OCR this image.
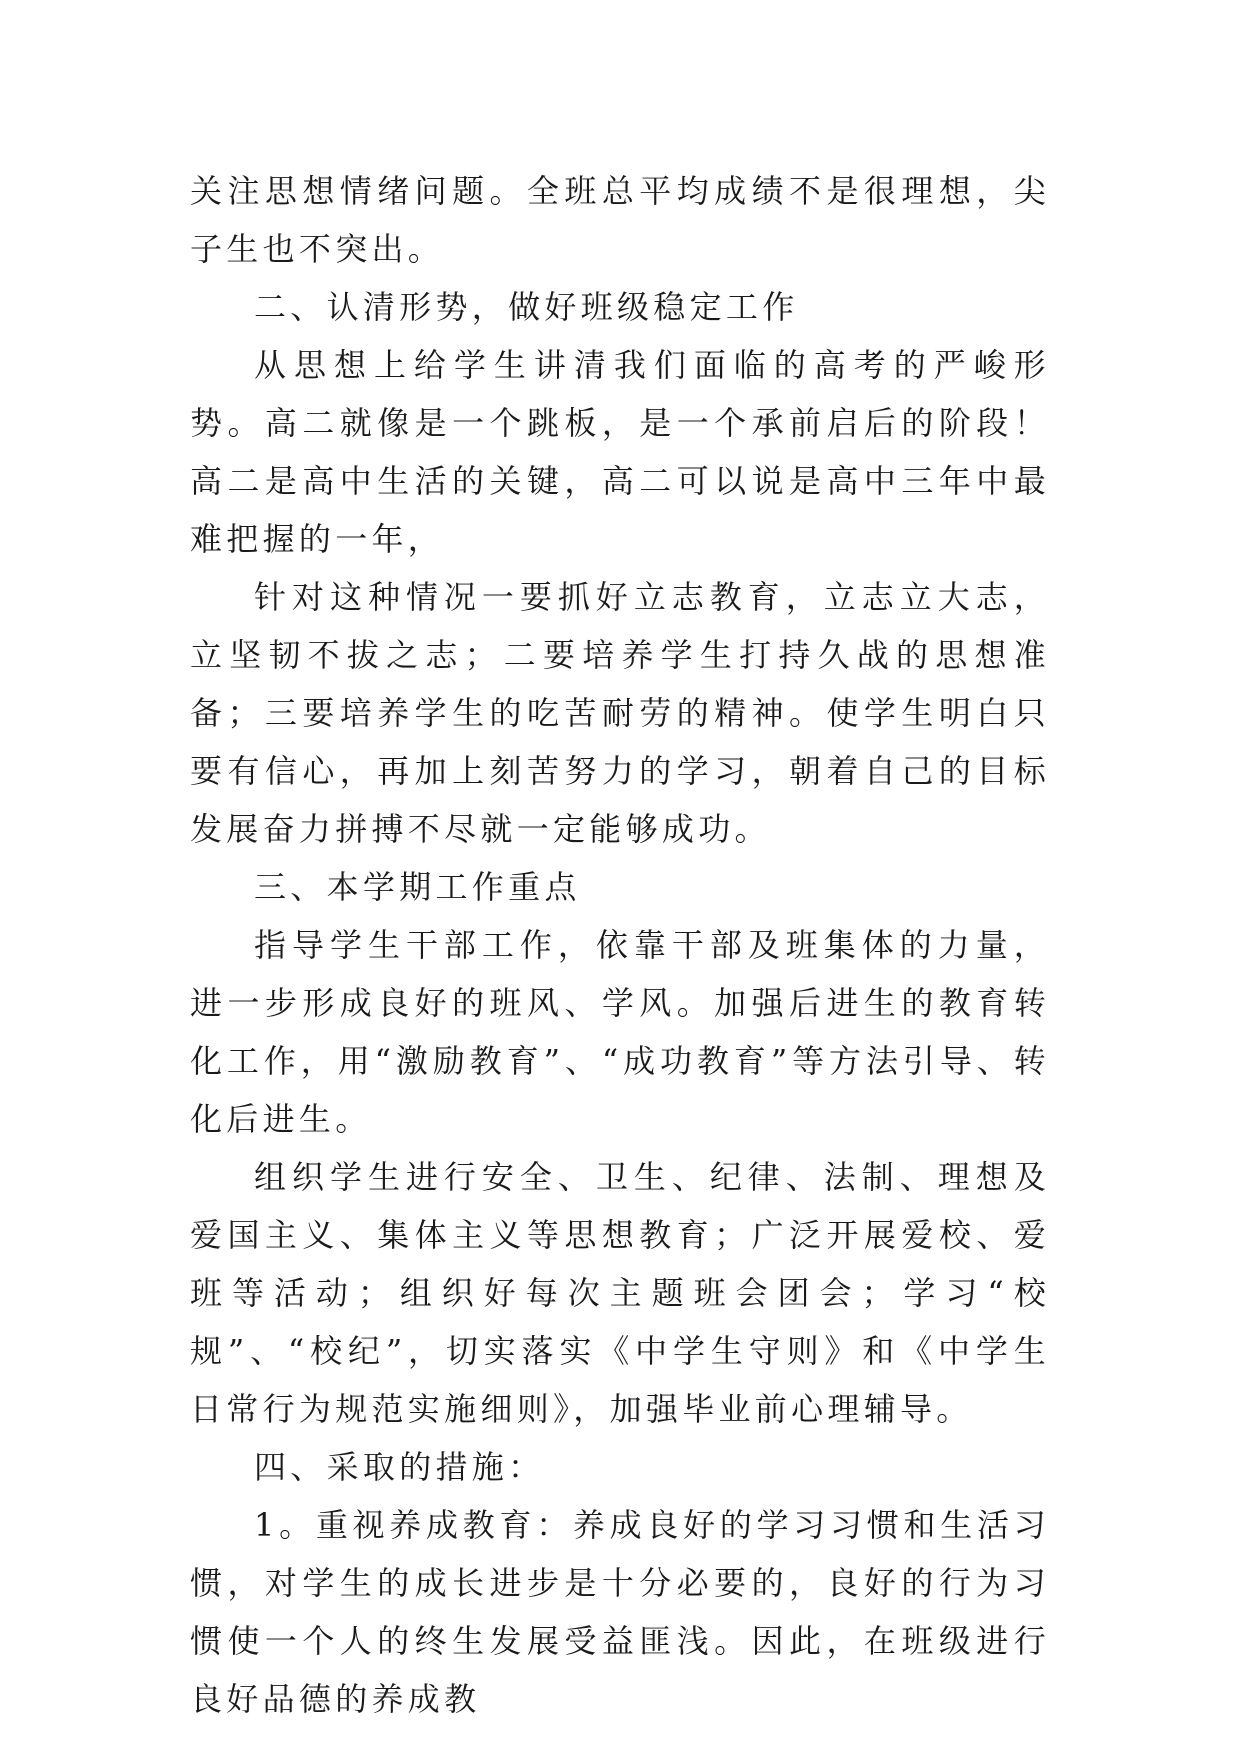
关注思想情绪问题。全班总平均成绩不是很理想，尖子生也不突出。

二、认清形势，做好班级稳定工作

从思想上给学生讲清我们面临的高考的严峻形势。高二就像是一个跳板，是一个承前启后的阶段！　高二是高中生活的关键，高二可以说是高中三年中最难把握的一年，

针对这种情况一要抓好立志教育，立志立大志，立坚韧不拔之志；二要培养学生打持久战的思想准备；三要培养学生的吃苦耐劳的精神。使学生明白只要有信心，再加上刻苦努力的学习，朝着自己的目标发展奋力拼搏不尽就一定能够成功。

三、本学期工作重点

指导学生干部工作，依靠干部及班集体的力量，进一步形成良好的班风、学风。加强后进生的教育转化工作，用“激励教育”、“成功教育”等方法引导、转化后进生。

组织学生进行安全、卫生、纪律、法制、理想及爱国主义、集体主义等思想教育；广泛开展爱校、爱班等活动；组织好每次主题班会团会；学习“校规”、“校纪”，切实落实《中学生守则》和《中学生日常行为规范实施细则》，加强毕业前心理辅导。

四、采取的措施：

1。重视养成教育：养成良好的学习习惯和生活习惯，对学生的成长进步是十分必要的，良好的行为习惯使一个人的终生发展受益匪浅。因此，在班级进行良好品德的养成教
